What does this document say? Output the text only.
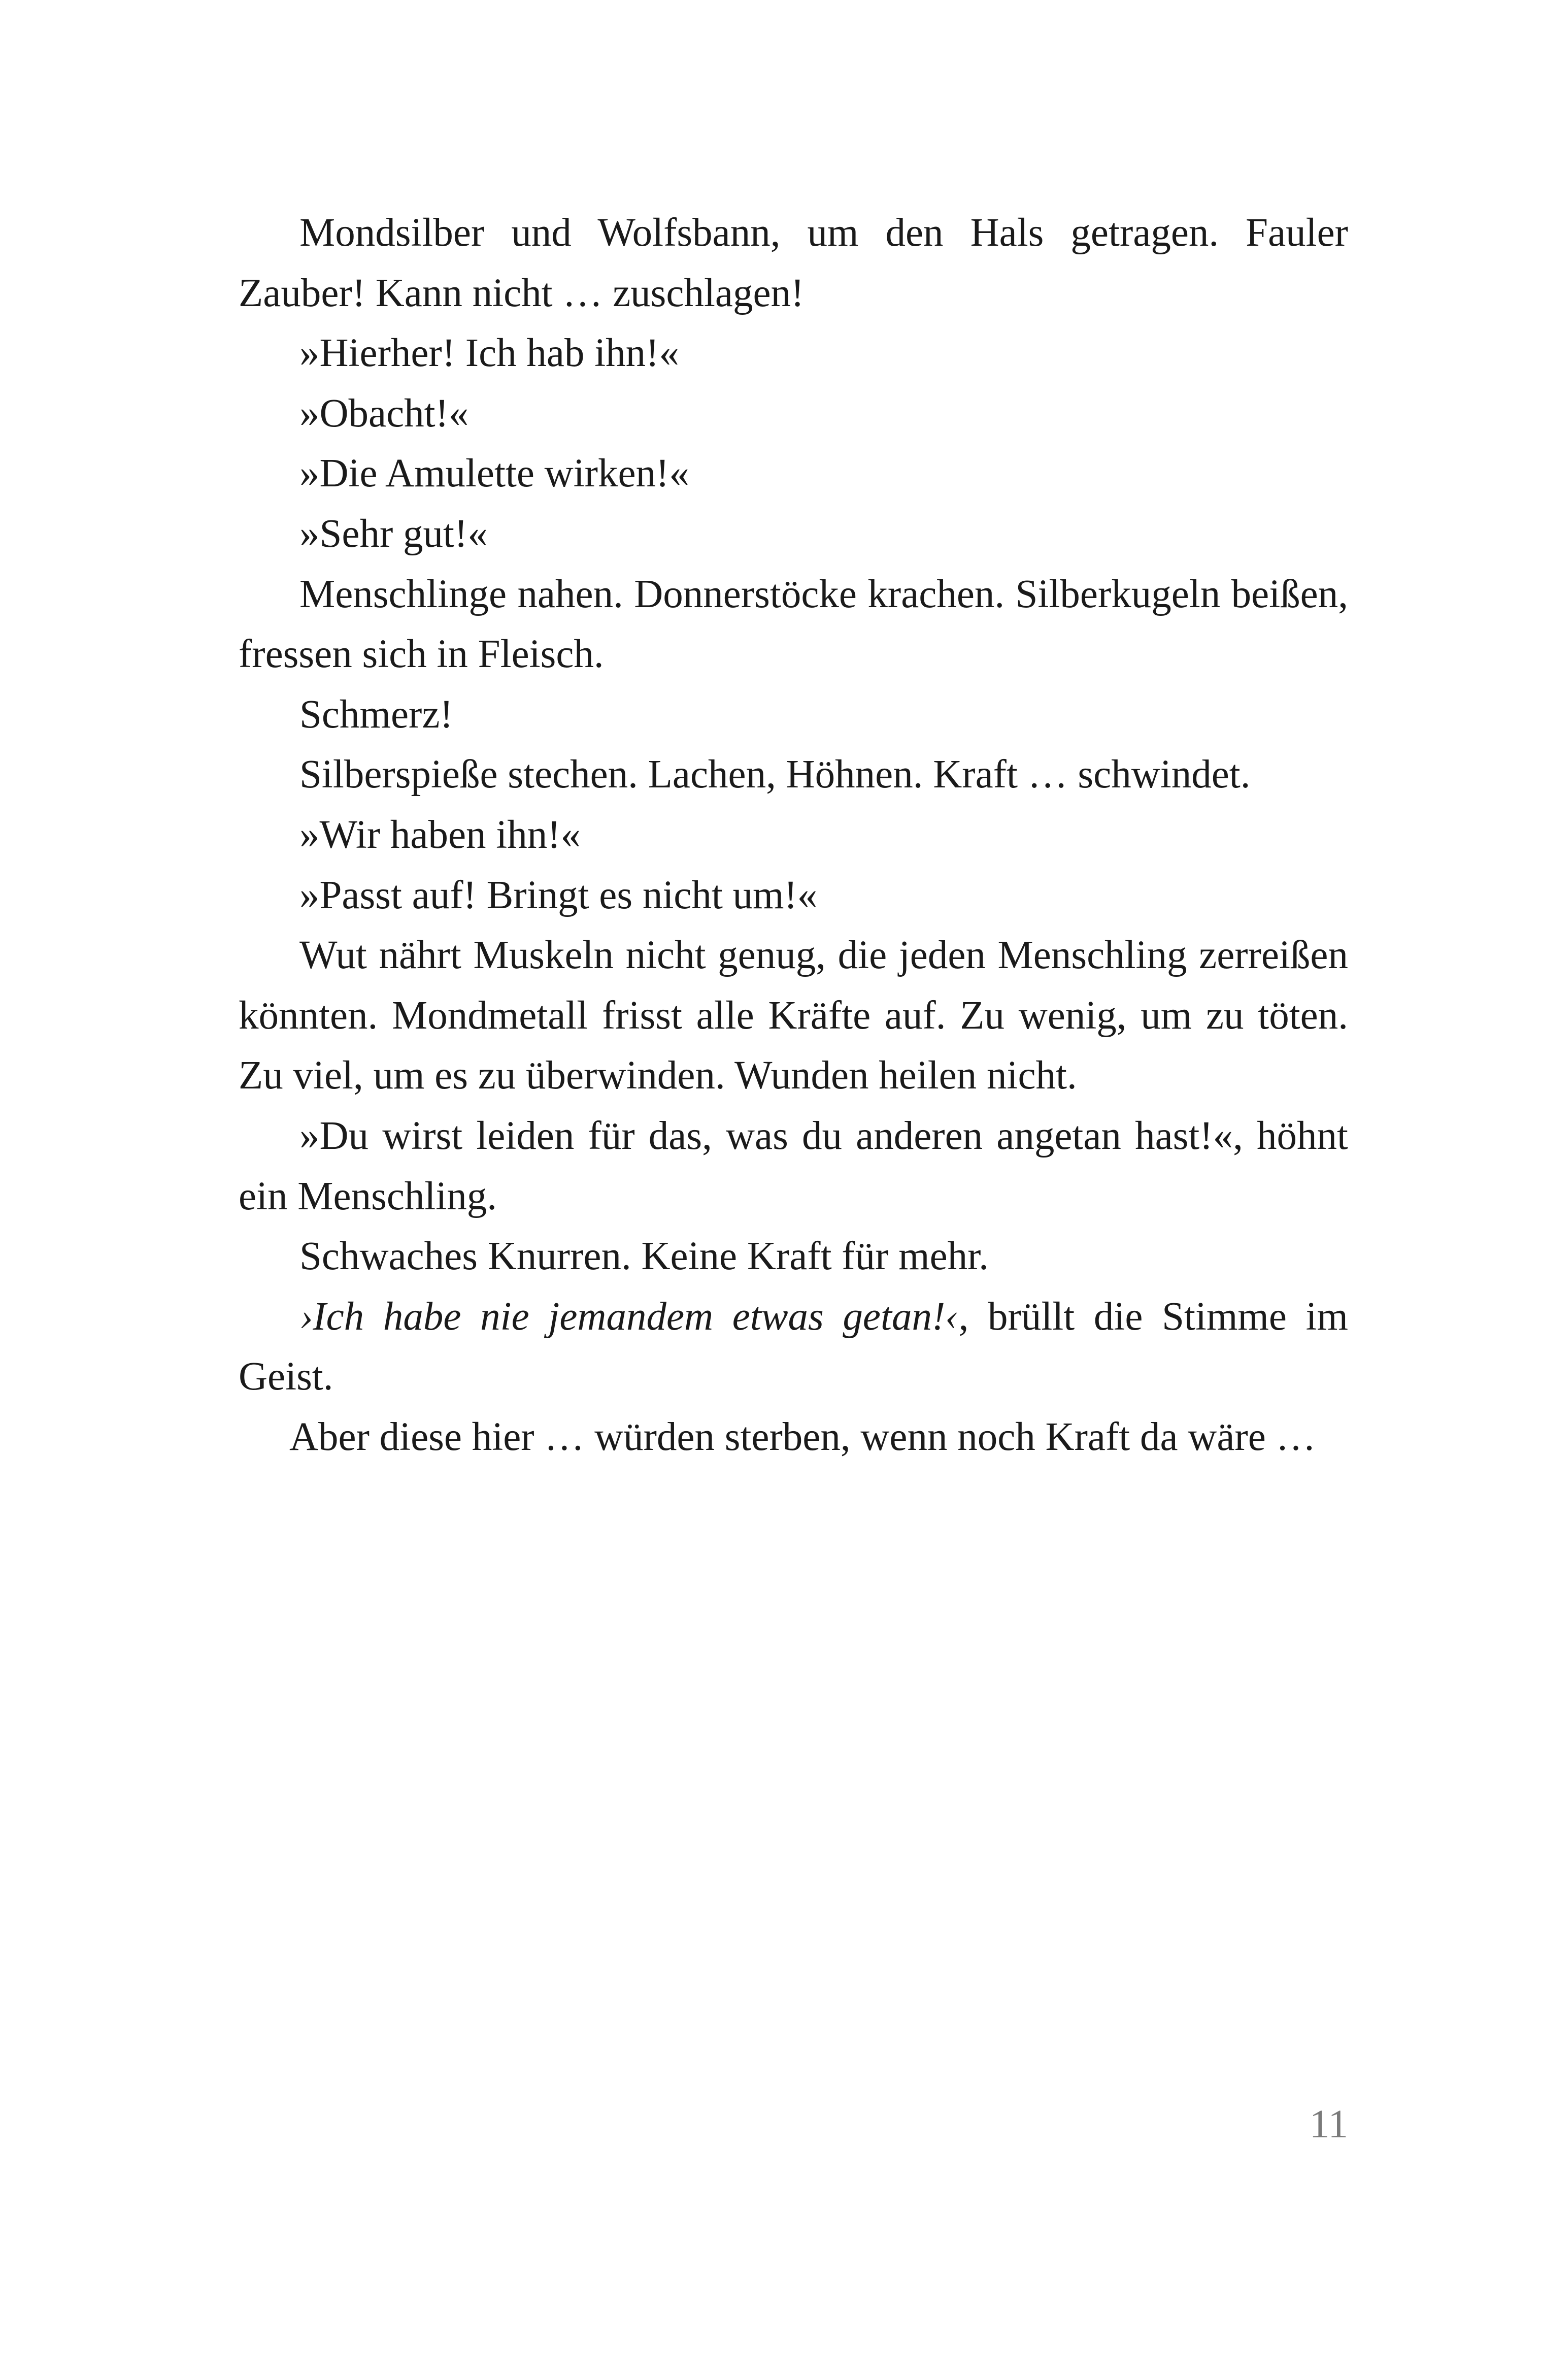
Mondsilber und Wolfsbann, um den Hals getragen. Fauler Zauber! Kann nicht … zuschlagen!

»Hierher! Ich hab ihn!«

»Obacht!«

»Die Amulette wirken!«

»Sehr gut!«

Menschlinge nahen. Donnerstöcke krachen. Silberkugeln beißen, fressen sich in Fleisch.

Schmerz!

Silberspieße stechen. Lachen, Höhnen. Kraft … schwindet.

»Wir haben ihn!«

»Passt auf! Bringt es nicht um!«

Wut nährt Muskeln nicht genug, die jeden Menschling zerreißen könnten. Mondmetall frisst alle Kräfte auf. Zu wenig, um zu töten. Zu viel, um es zu überwinden. Wunden heilen nicht.

»Du wirst leiden für das, was du anderen angetan hast!«, höhnt ein Menschling.

Schwaches Knurren. Keine Kraft für mehr.

›Ich habe nie jemandem etwas getan!‹, brüllt die Stimme im Geist.

Aber diese hier … würden sterben, wenn noch Kraft da wäre …

11
